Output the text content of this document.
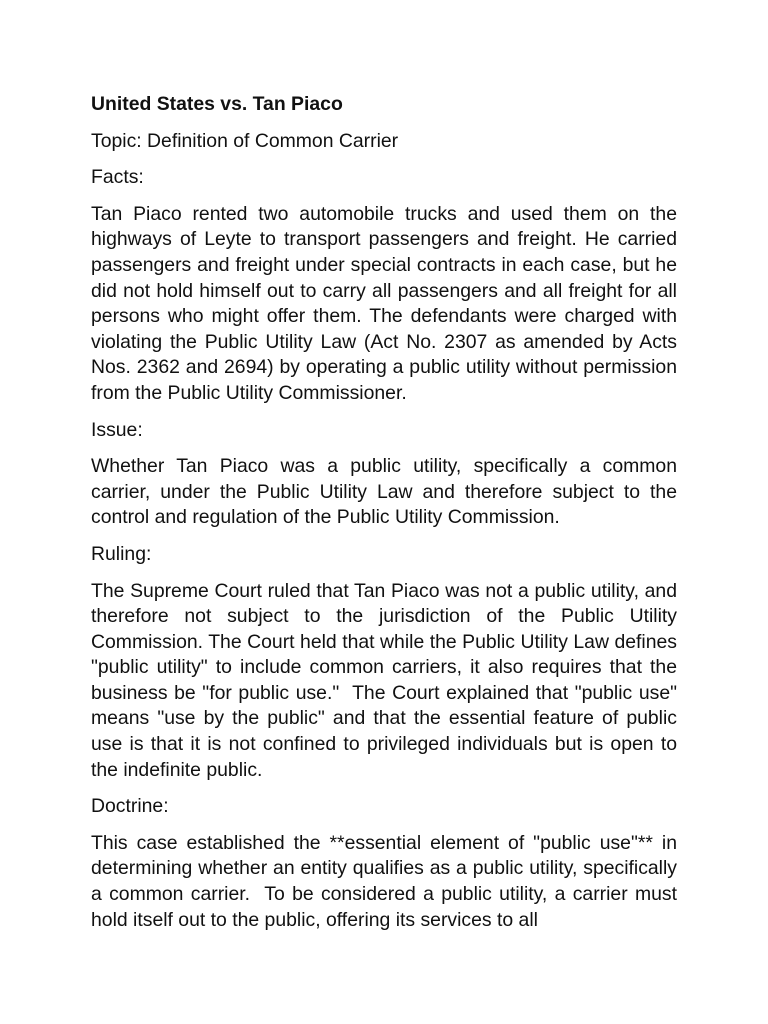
United States vs. Tan Piaco
Topic: Definition of Common Carrier
Facts:
Tan Piaco rented two automobile trucks and used them on the highways of Leyte to transport passengers and freight. He carried passengers and freight under special contracts in each case, but he did not hold himself out to carry all passengers and all freight for all persons who might offer them. The defendants were charged with violating the Public Utility Law (Act No. 2307 as amended by Acts Nos. 2362 and 2694) by operating a public utility without permission from the Public Utility Commissioner.
Issue:
Whether Tan Piaco was a public utility, specifically a common carrier, under the Public Utility Law and therefore subject to the control and regulation of the Public Utility Commission.
Ruling:
The Supreme Court ruled that Tan Piaco was not a public utility, and therefore not subject to the jurisdiction of the Public Utility Commission. The Court held that while the Public Utility Law defines "public utility" to include common carriers, it also requires that the business be "for public use."  The Court explained that "public use" means "use by the public" and that the essential feature of public use is that it is not confined to privileged individuals but is open to the indefinite public.
Doctrine:
This case established the **essential element of "public use"** in determining whether an entity qualifies as a public utility, specifically a common carrier.  To be considered a public utility, a carrier must hold itself out to the public, offering its services to all
